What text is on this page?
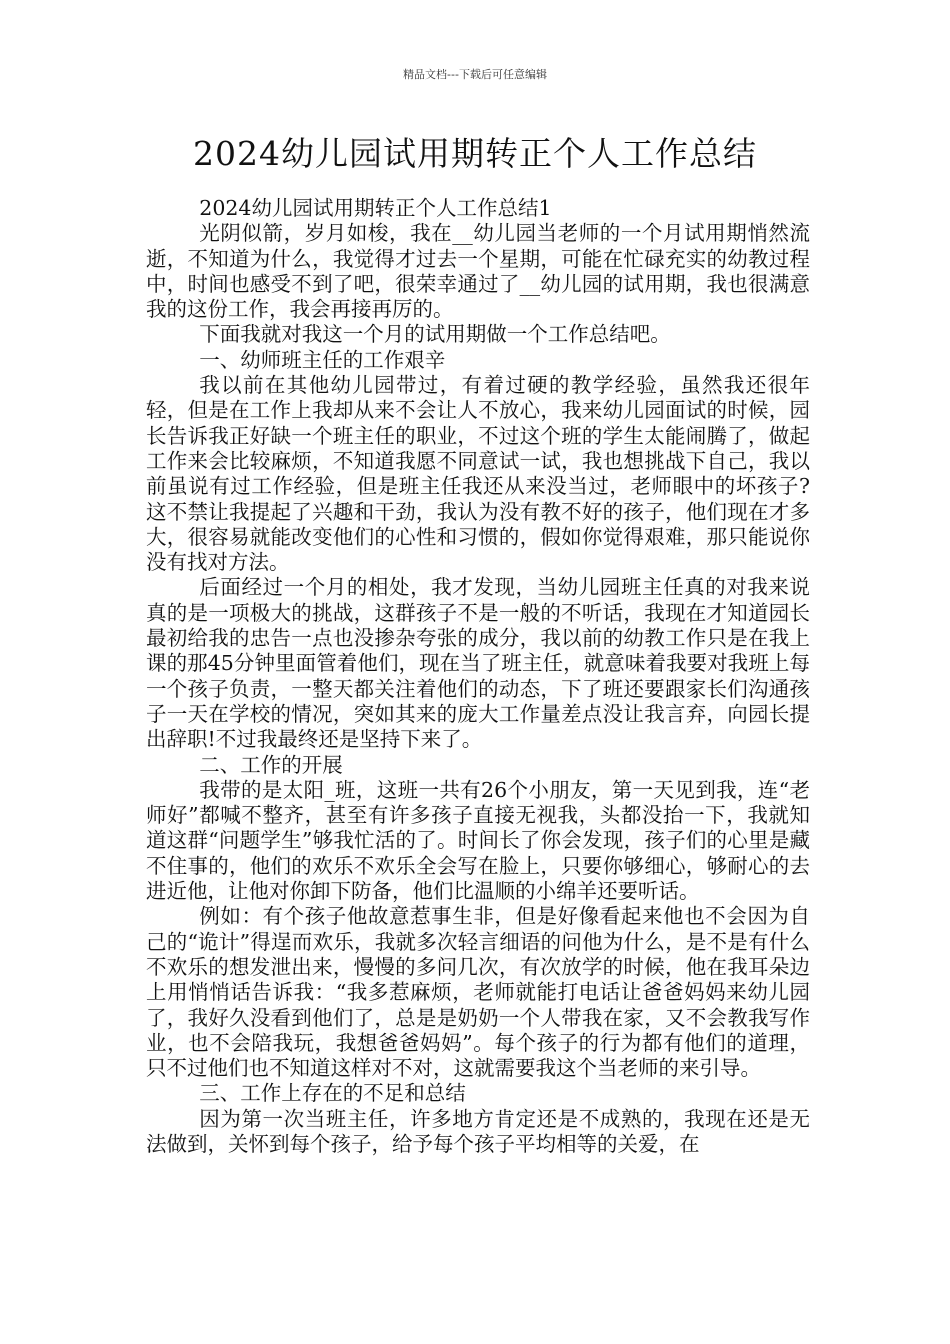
精品文档---下载后可任意编辑
2024幼儿园试用期转正个人工作总结

2024幼儿园试用期转正个人工作总结1

光阴似箭，岁月如梭，我在__幼儿园当老师的一个月试用期悄然流逝，不知道为什么，我觉得才过去一个星期，可能在忙碌充实的幼教过程中，时间也感受不到了吧，很荣幸通过了__幼儿园的试用期，我也很满意我的这份工作，我会再接再厉的。

下面我就对我这一个月的试用期做一个工作总结吧。

一、幼师班主任的工作艰辛

我以前在其他幼儿园带过，有着过硬的教学经验，虽然我还很年轻，但是在工作上我却从来不会让人不放心，我来幼儿园面试的时候，园长告诉我正好缺一个班主任的职业，不过这个班的学生太能闹腾了，做起工作来会比较麻烦，不知道我愿不同意试一试，我也想挑战下自己，我以前虽说有过工作经验，但是班主任我还从来没当过，老师眼中的坏孩子?这不禁让我提起了兴趣和干劲，我认为没有教不好的孩子，他们现在才多大，很容易就能改变他们的心性和习惯的，假如你觉得艰难，那只能说你没有找对方法。

后面经过一个月的相处，我才发现，当幼儿园班主任真的对我来说真的是一项极大的挑战，这群孩子不是一般的不听话，我现在才知道园长最初给我的忠告一点也没掺杂夸张的成分，我以前的幼教工作只是在我上课的那45分钟里面管着他们，现在当了班主任，就意味着我要对我班上每一个孩子负责，一整天都关注着他们的动态，下了班还要跟家长们沟通孩子一天在学校的情况，突如其来的庞大工作量差点没让我言弃，向园长提出辞职!不过我最终还是坚持下来了。

二、工作的开展

我带的是太阳_班，这班一共有26个小朋友，第一天见到我，连“老师好”都喊不整齐，甚至有许多孩子直接无视我，头都没抬一下，我就知道这群“问题学生”够我忙活的了。时间长了你会发现，孩子们的心里是藏不住事的，他们的欢乐不欢乐全会写在脸上，只要你够细心，够耐心的去进近他，让他对你卸下防备，他们比温顺的小绵羊还要听话。

例如：有个孩子他故意惹事生非，但是好像看起来他也不会因为自己的“诡计”得逞而欢乐，我就多次轻言细语的问他为什么，是不是有什么不欢乐的想发泄出来，慢慢的多问几次，有次放学的时候，他在我耳朵边上用悄悄话告诉我：“我多惹麻烦，老师就能打电话让爸爸妈妈来幼儿园了，我好久没看到他们了，总是是奶奶一个人带我在家，又不会教我写作业，也不会陪我玩，我想爸爸妈妈”。每个孩子的行为都有他们的道理，只不过他们也不知道这样对不对，这就需要我这个当老师的来引导。

三、工作上存在的不足和总结

因为第一次当班主任，许多地方肯定还是不成熟的，我现在还是无法做到，关怀到每个孩子，给予每个孩子平均相等的关爱，在
